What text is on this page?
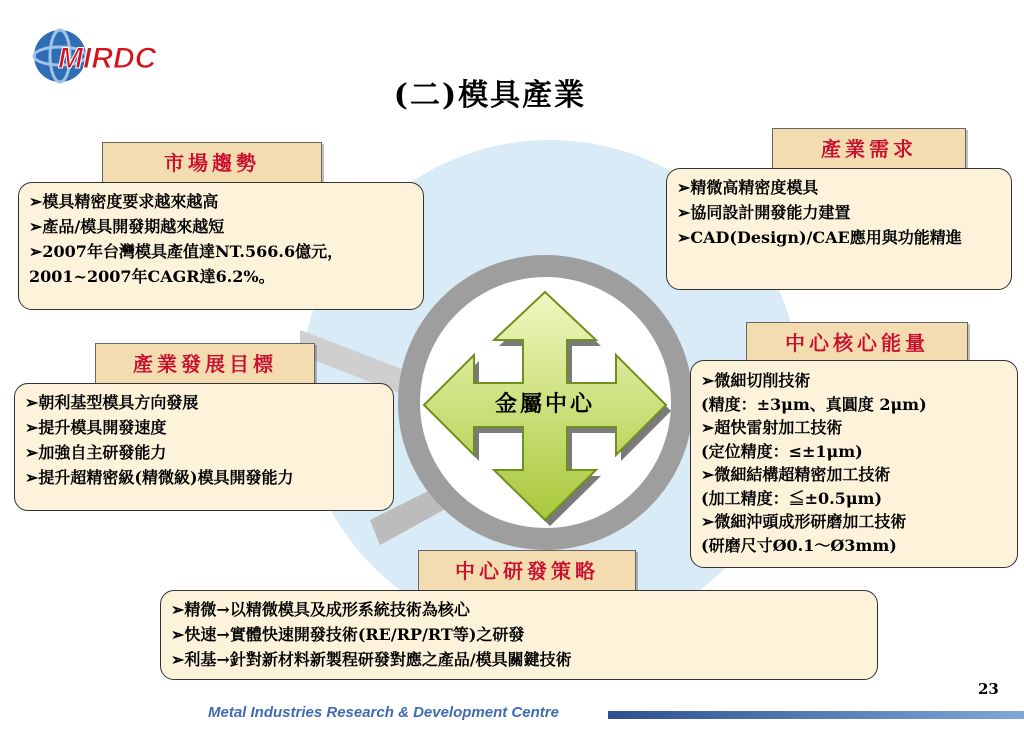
MIRDC
(二)模具產業
市場趨勢
➢模具精密度要求越來越高
➢產品/模具開發期越來越短
➢2007年台灣模具產值達NT.566.6億元，
2001~2007年CAGR達6.2%。
產業需求
➢精微高精密度模具
➢協同設計開發能力建置
➢CAD(Design)/CAE應用與功能精進
產業發展目標
➢朝利基型模具方向發展
➢提升模具開發速度
➢加強自主研發能力
➢提升超精密級(精微級)模具開發能力
中心核心能量
➢微細切削技術
(精度：±3μm、真圓度 2μm)
➢超快雷射加工技術
(定位精度：≤±1μm)
➢微細結構超精密加工技術
(加工精度：≦±0.5μm)
➢微細沖頭成形研磨加工技術
(研磨尺寸Ø0.1～Ø3mm)
中心研發策略
➢精微→以精微模具及成形系統技術為核心
➢快速→實體快速開發技術(RE/RP/RT等)之研發
➢利基→針對新材料新製程研發對應之產品/模具關鍵技術
金屬中心
23
Metal Industries Research & Development Centre
